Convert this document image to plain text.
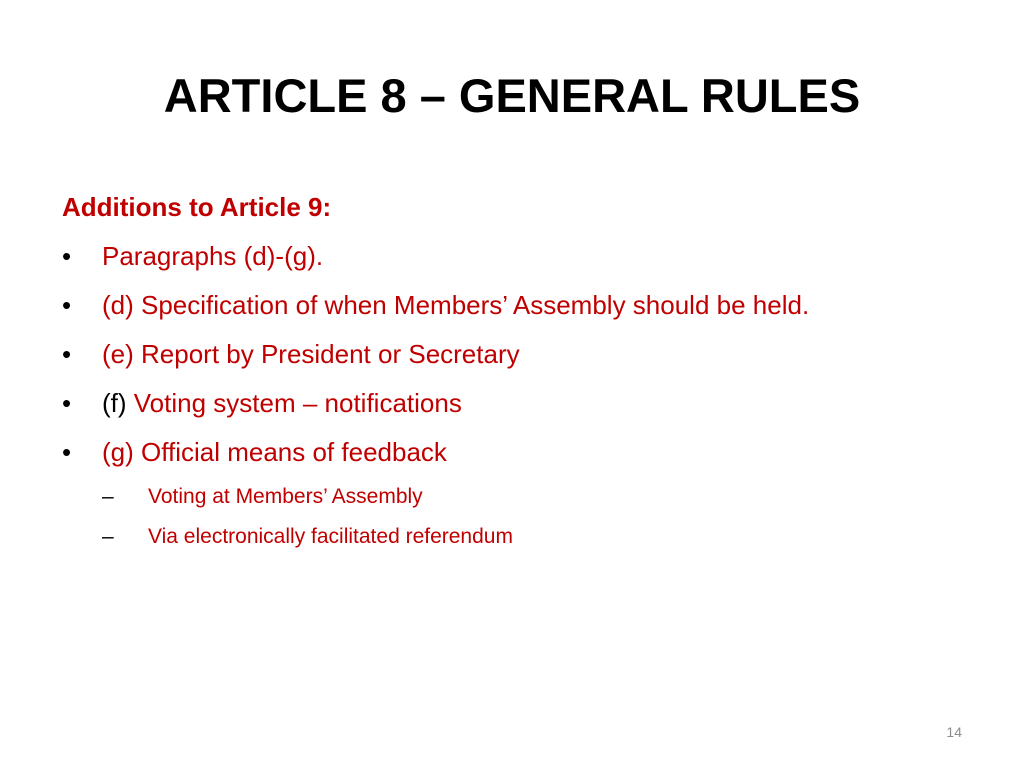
ARTICLE 8 – GENERAL RULES
Additions to Article 9:
•	Paragraphs (d)-(g).
•	(d) Specification of when Members’ Assembly should be held.
•	(e) Report by President or Secretary
•	(f) Voting system – notifications
•	(g) Official means of feedback
– Voting at Members’ Assembly
– Via electronically facilitated referendum
14
